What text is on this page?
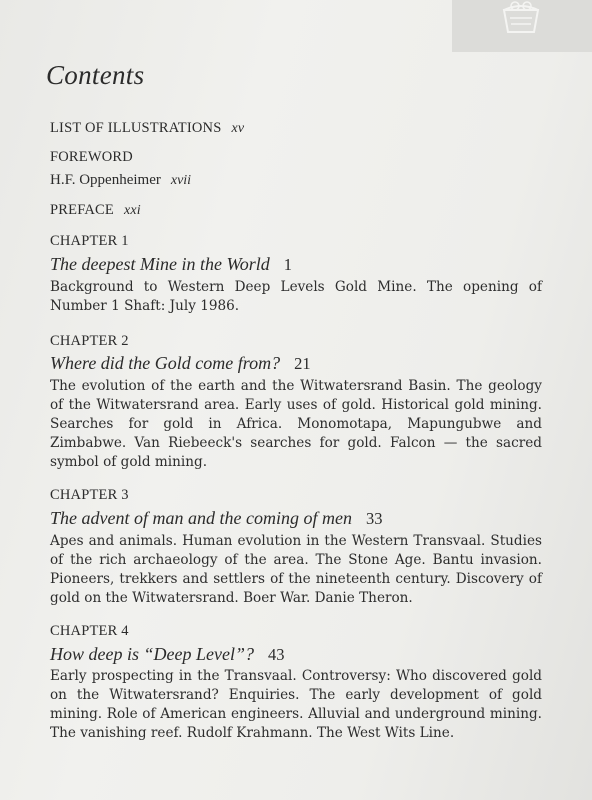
Contents
LIST OF ILLUSTRATIONS xv
FOREWORD
H.F. Oppenheimer xvii
PREFACE xxi
CHAPTER 1
The deepest Mine in the World 1
Background to Western Deep Levels Gold Mine. The opening of Number 1 Shaft: July 1986.
CHAPTER 2
Where did the Gold come from? 21
The evolution of the earth and the Witwatersrand Basin. The geology of the Witwatersrand area. Early uses of gold. Historical gold mining. Searches for gold in Africa. Monomotapa, Mapungubwe and Zimbabwe. Van Riebeeck's searches for gold. Falcon — the sacred symbol of gold mining.
CHAPTER 3
The advent of man and the coming of men 33
Apes and animals. Human evolution in the Western Transvaal. Studies of the rich archaeology of the area. The Stone Age. Bantu invasion. Pioneers, trekkers and settlers of the nineteenth century. Discovery of gold on the Witwatersrand. Boer War. Danie Theron.
CHAPTER 4
How deep is “Deep Level”? 43
Early prospecting in the Transvaal. Controversy: Who discovered gold on the Witwatersrand? Enquiries. The early development of gold mining. Role of American engineers. Alluvial and underground mining. The vanishing reef. Rudolf Krahmann. The West Wits Line.
